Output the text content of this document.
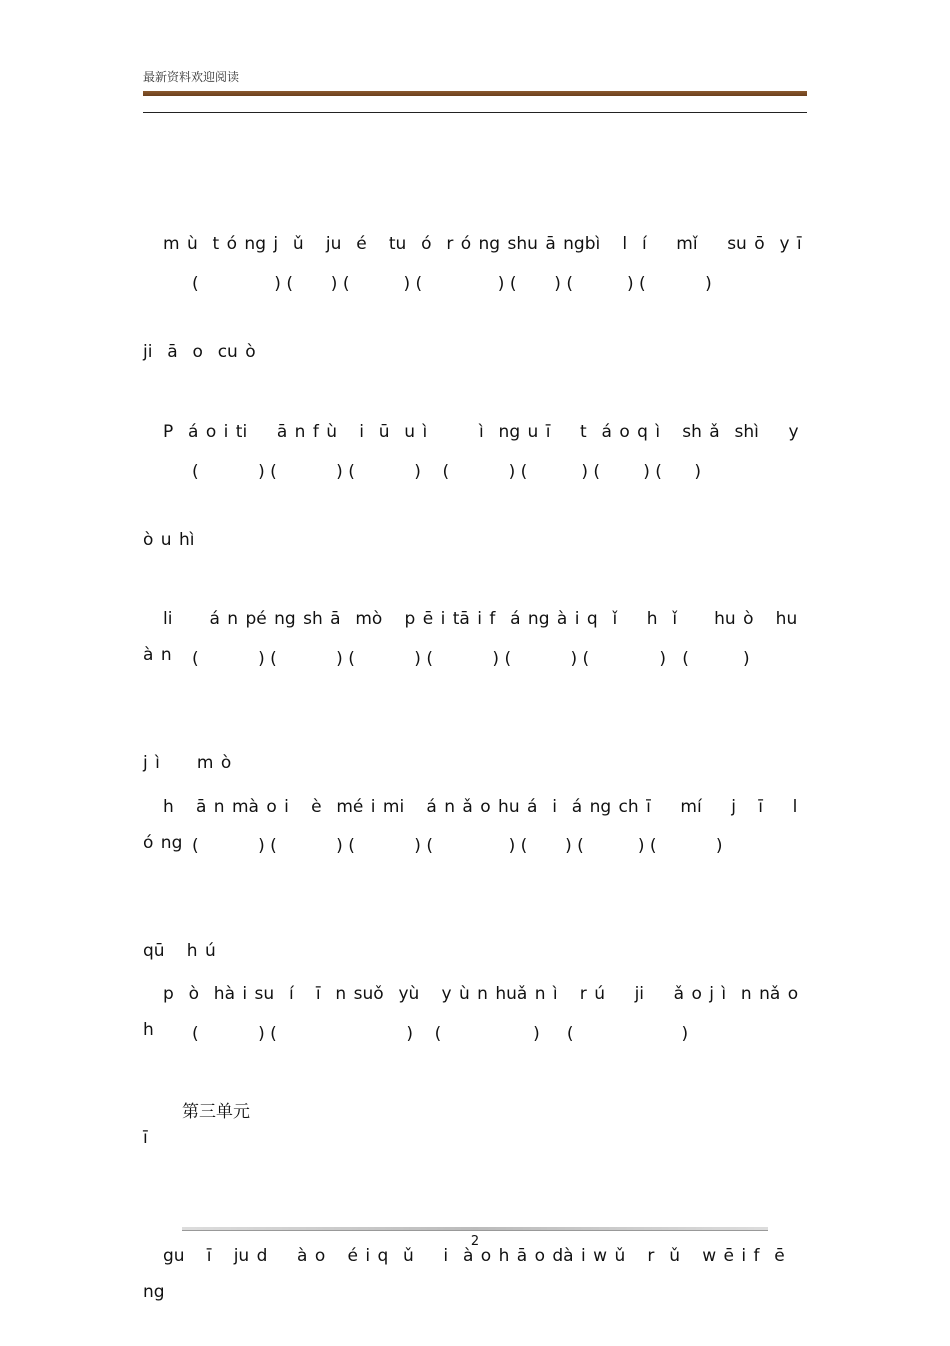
最新资料欢迎阅读

m ù  t ó ng j  ǔ   ju  é   tu  ó  r ó ng shu ā ngbì   l  í    mǐ    su ō  y ī

ji  ā  o  cu ò

(              ) (       ) (          ) (              ) (       ) (          ) (           )

P  á o i ti    ā n f ù   i  ū  u ì       ì  ng u ī    t  á o q ì   sh ǎ  shì    y

ò u hì

(           ) (           ) (           )    (           ) (          ) (        ) (      )

li     á n pé ng sh ā  mò   p ē i tā i f  á ng à i q  ǐ    h  ǐ     hu ò   hu à n

j ì     m ò

(           ) (           ) (           ) (           ) (           ) (             )   (          )

h   ā n mà o i   è  mé i mi   á n ǎ o hu á  i  á ng ch ī    mí    j   ī    l ó ng

qū   h ú

(           ) (           ) (           ) (              ) (       ) (          ) (           )

p  ò  hà i su  í   ī  n suǒ  yù   y ù n huǎ n ì   r ú    ji    ǎ o j ì  n nǎ o h

ī

(           ) (                        )    (                 )     (                    )
第三单元

gu   ī   ju d    à o   é i q  ǔ    i  à o h ā o dà i w ǔ   r  ǔ   w ē i f  ē ng

2
